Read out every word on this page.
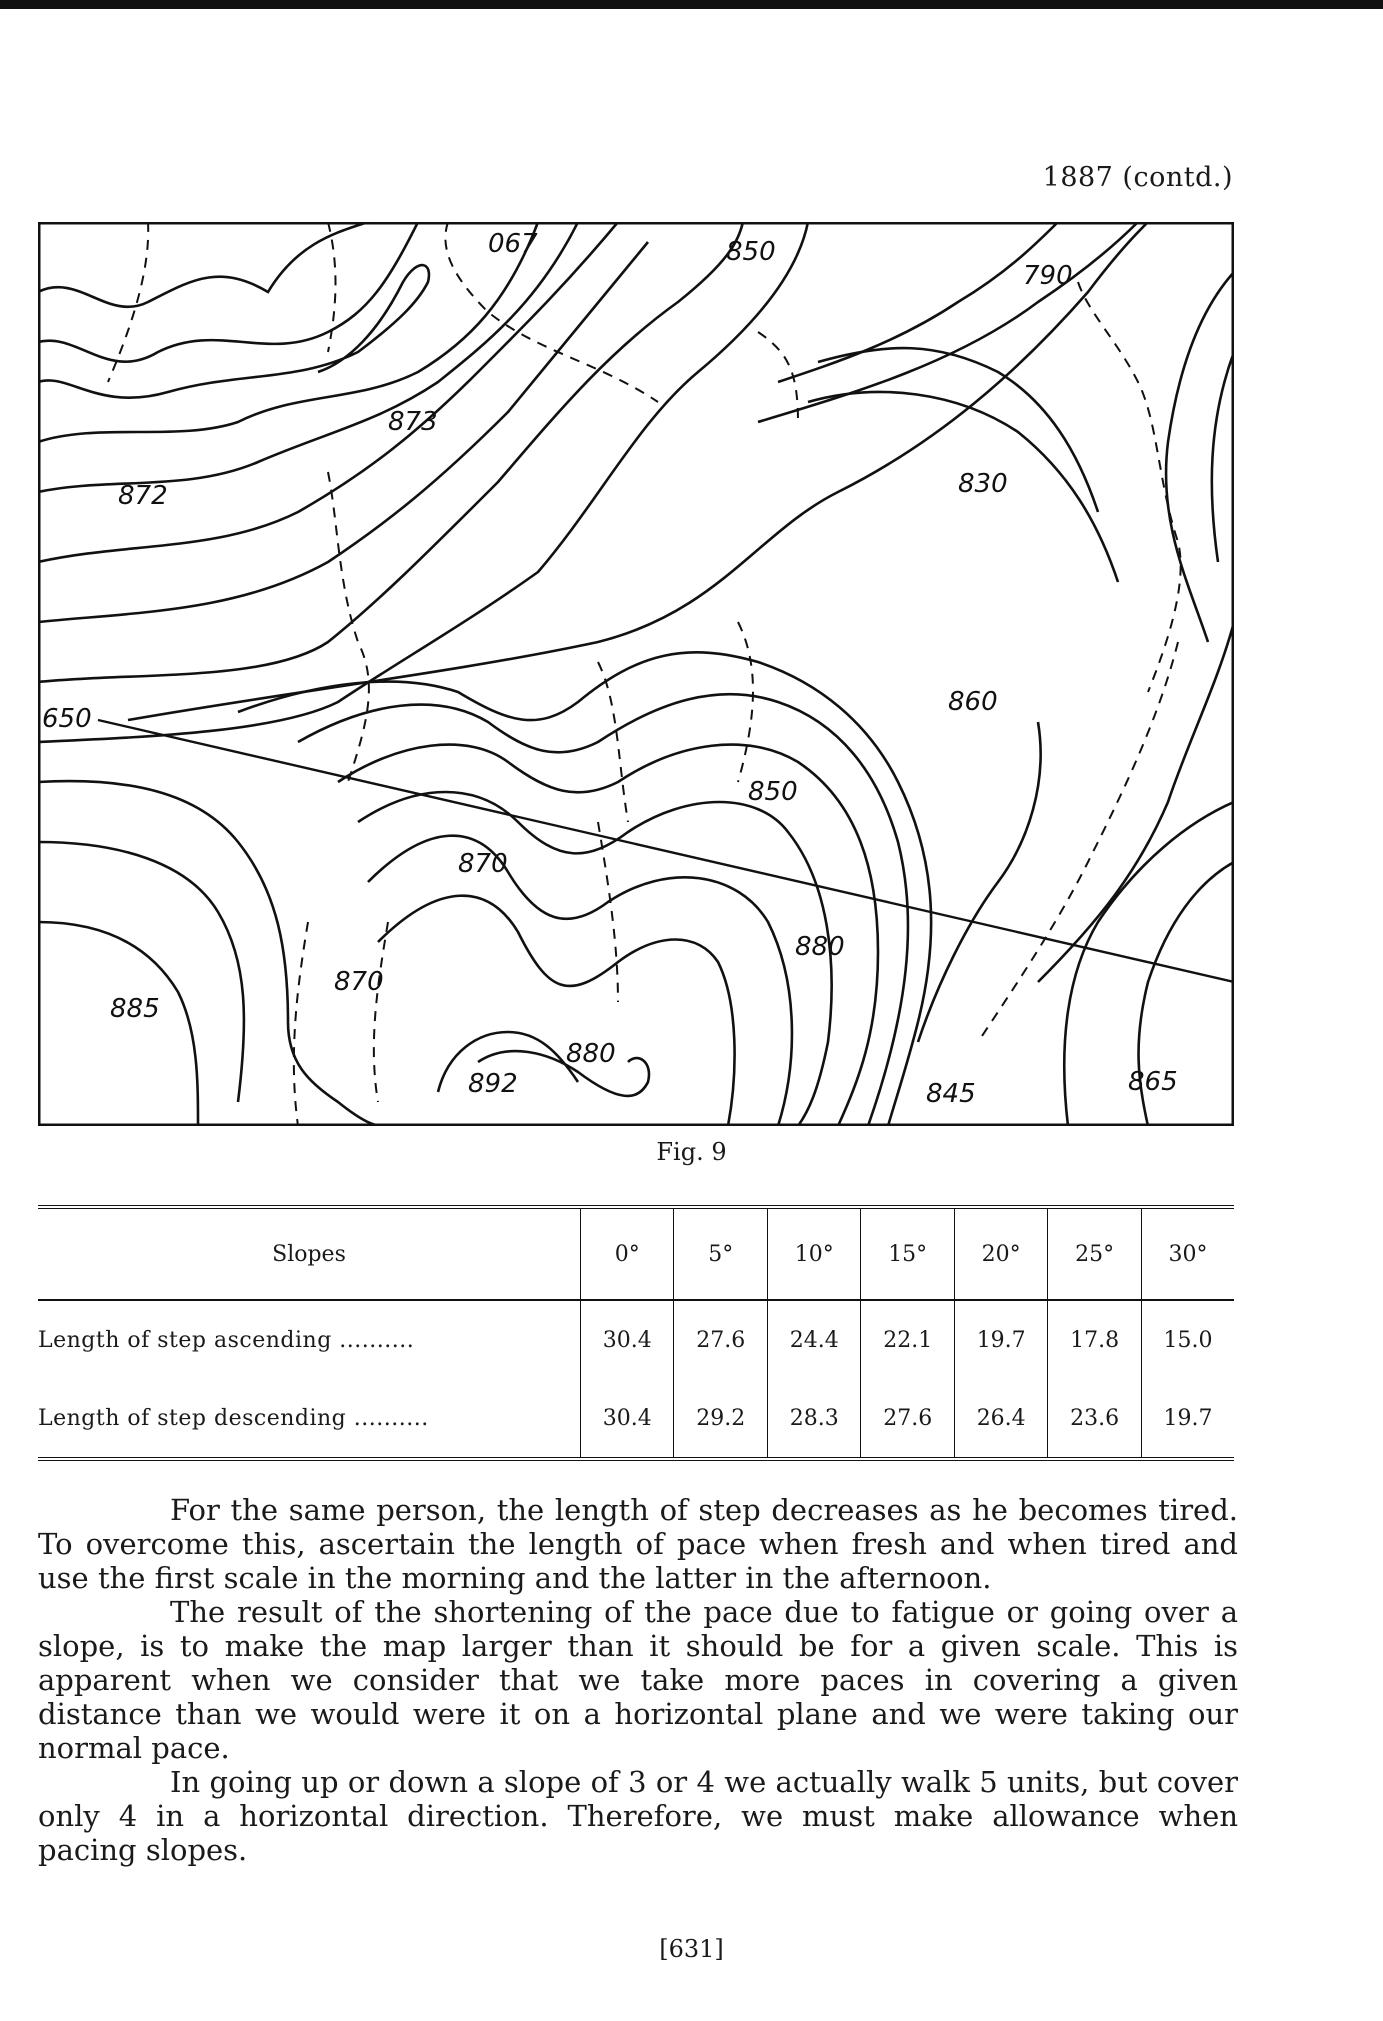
1887 (contd.)
067	850
790
873
872	830
650
860
850
870
880
885
870
880
892	845	865
Fig. 9
Slopes	0°	5°	10°	15°	20°	25°	30°
Length of step ascending .....	30.4	27.6	24.4	22.1	19.7	17.8	15.0
Length of step descending .....	30.4	29.2	28.3	27.6	26.4	23.6	19.7

For the same person, the length of step decreases as he becomes tired. To overcome this, ascertain the length of pace when fresh and when tired and use the first scale in the morning and the latter in the afternoon.

The result of the shortening of the pace due to fatigue or going over a slope, is to make the map larger than it should be for a given scale. This is apparent when we consider that we take more paces in covering a given distance than we would were it on a horizontal plane and we were taking our normal pace.

In going up or down a slope of 3 or 4 we actually walk 5 units, but cover only 4 in a horizontal direction. Therefore, we must make allowance when pacing slopes.

[631]
